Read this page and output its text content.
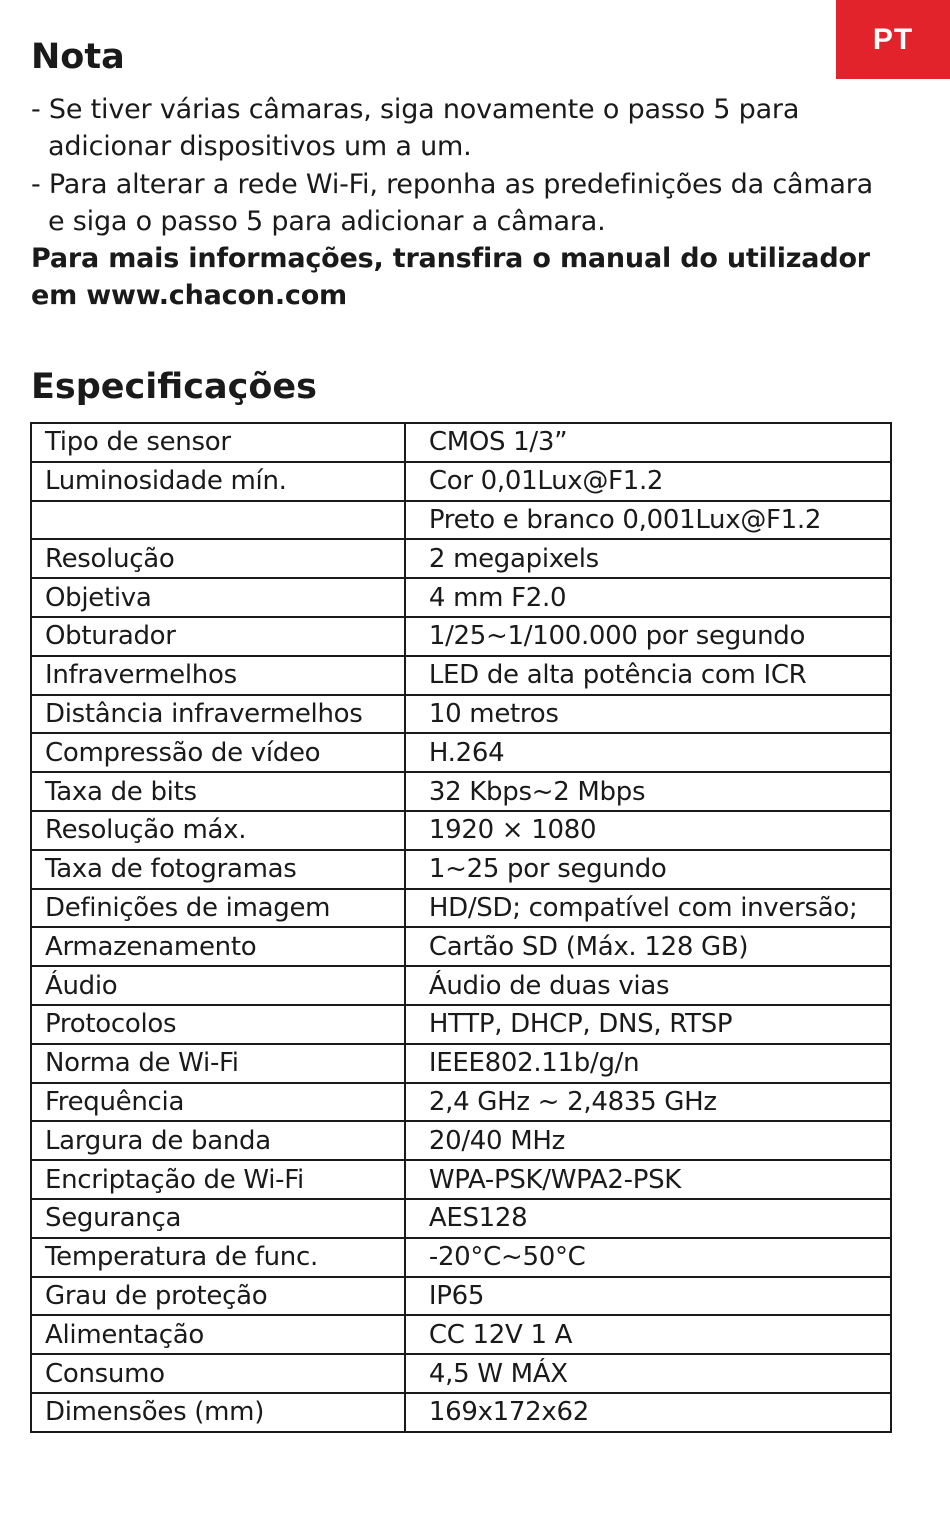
PT
Nota
- Se tiver várias câmaras, siga novamente o passo 5 para adicionar dispositivos um a um.
- Para alterar a rede Wi-Fi, reponha as predefinições da câmara e siga o passo 5 para adicionar a câmara.
Para mais informações, transfira o manual do utilizador em www.chacon.com
Especificações
Tipo de sensor	CMOS 1/3”
Luminosidade mín.	Cor 0,01Lux@F1.2
	Preto e branco 0,001Lux@F1.2
Resolução	2 megapixels
Objetiva	4 mm F2.0
Obturador	1/25~1/100.000 por segundo
Infravermelhos	LED de alta potência com ICR
Distância infravermelhos	10 metros
Compressão de vídeo	H.264
Taxa de bits	32 Kbps~2 Mbps
Resolução máx.	1920 × 1080
Taxa de fotogramas	1~25 por segundo
Definições de imagem	HD/SD; compatível com inversão;
Armazenamento	Cartão SD (Máx. 128 GB)
Áudio	Áudio de duas vias
Protocolos	HTTP, DHCP, DNS, RTSP
Norma de Wi-Fi	IEEE802.11b/g/n
Frequência	2,4 GHz ~ 2,4835 GHz
Largura de banda	20/40 MHz
Encriptação de Wi-Fi	WPA-PSK/WPA2-PSK
Segurança	AES128
Temperatura de func.	-20°C~50°C
Grau de proteção	IP65
Alimentação	CC 12V 1 A
Consumo	4,5 W MÁX
Dimensões (mm)	169x172x62
